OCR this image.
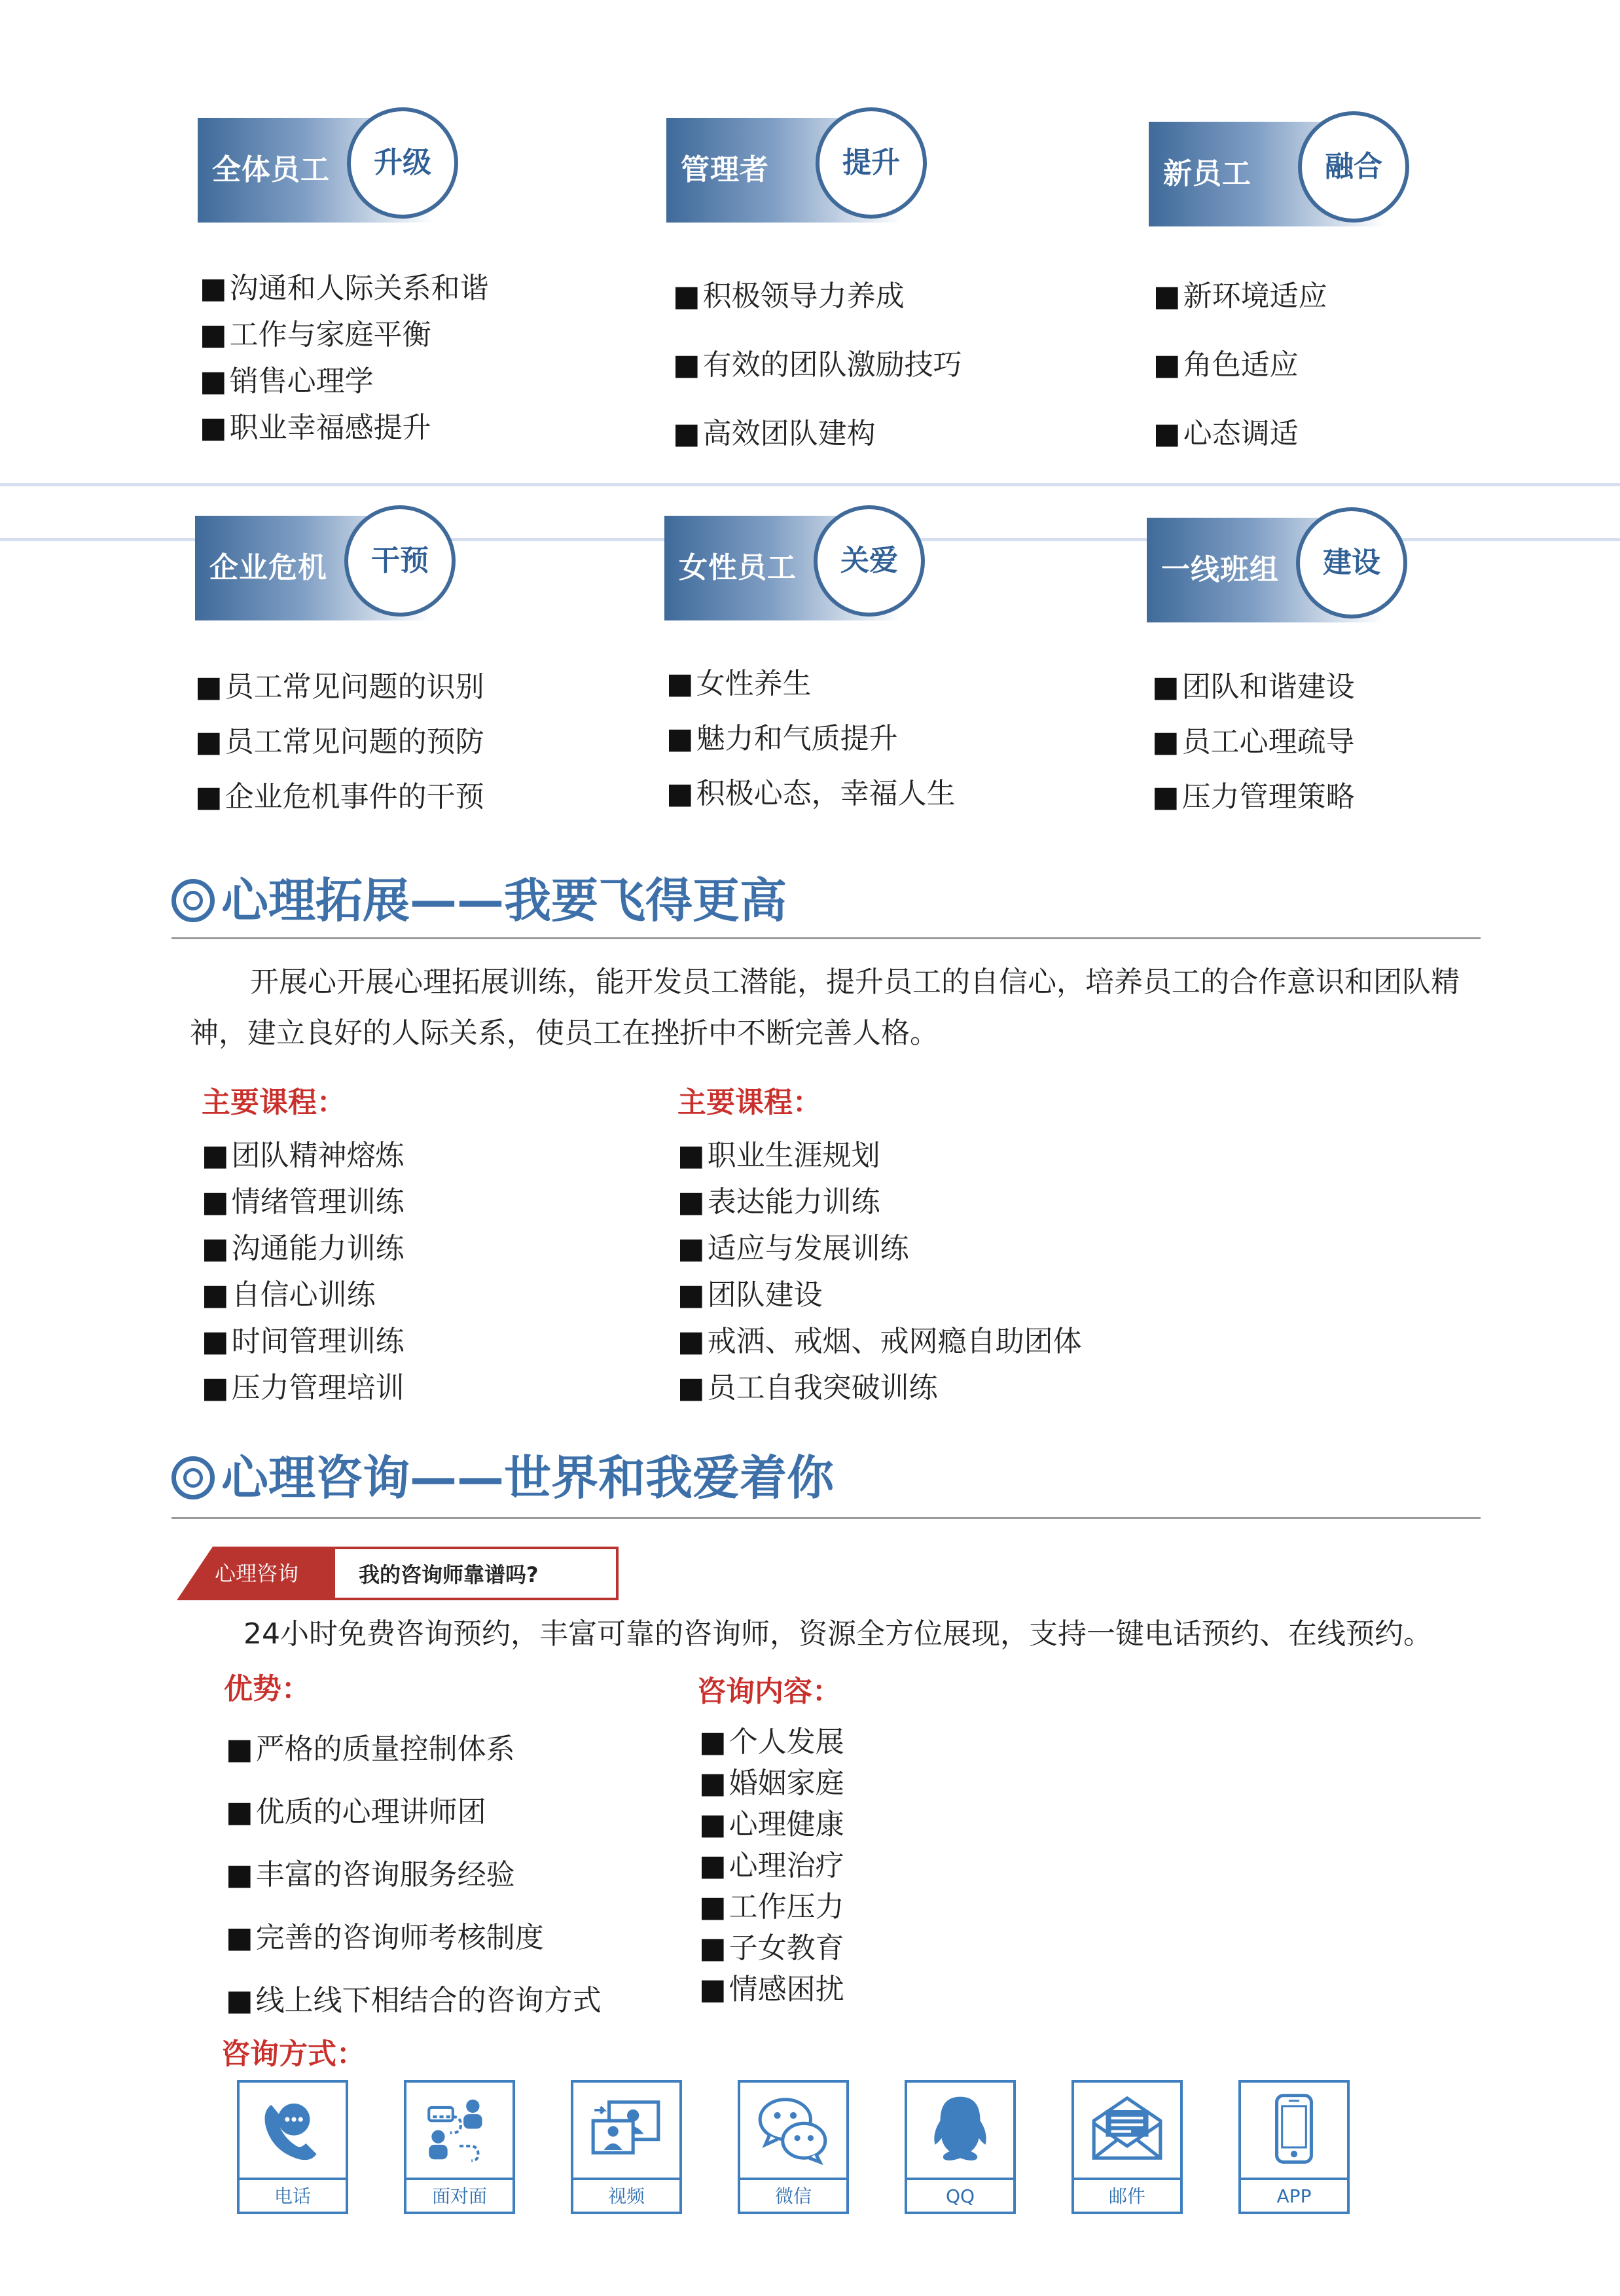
全体员工	升级
■ 沟通和人际关系和谐
■ 工作与家庭平衡
■ 销售心理学
■ 职业幸福感提升
管理者	提升
■ 积极领导力养成
■ 有效的团队激励技巧
■ 高效团队建构
新员工	融合
■ 新环境适应
■ 角色适应
■ 心态调适
企业危机	干预
■ 员工常见问题的识别
■ 员工常见问题的预防
■ 企业危机事件的干预
女性员工	关爱
■ 女性养生
■ 魅力和气质提升
■ 积极心态，幸福人生
一线班组	建设
■ 团队和谐建设
■ 员工心理疏导
■ 压力管理策略
心理拓展——我要飞得更高
开展心开展心理拓展训练，能开发员工潜能，提升员工的自信心，培养员工的合作意识和团队精神，建立良好的人际关系，使员工在挫折中不断完善人格。
主要课程：	主要课程：
■ 团队精神熔炼
■ 情绪管理训练
■ 沟通能力训练
■ 自信心训练
■ 时间管理训练
■ 压力管理培训
■ 职业生涯规划
■ 表达能力训练
■ 适应与发展训练
■ 团队建设
■ 戒洒、戒烟、戒网瘾自助团体
■ 员工自我突破训练
心理咨询——世界和我爱着你
心理咨询	我的咨询师靠谱吗?
24小时免费咨询预约，丰富可靠的咨询师，资源全方位展现，支持一键电话预约、在线预约。
优势：	咨询内容：
■ 严格的质量控制体系
■ 优质的心理讲师团
■ 丰富的咨询服务经验
■ 完善的咨询师考核制度
■ 线上线下相结合的咨询方式
■ 个人发展
■ 婚姻家庭
■ 心理健康
■ 心理治疗
■ 工作压力
■ 子女教育
■ 情感困扰
咨询方式：
电话	面对面	视频	微信	QQ	邮件	APP
